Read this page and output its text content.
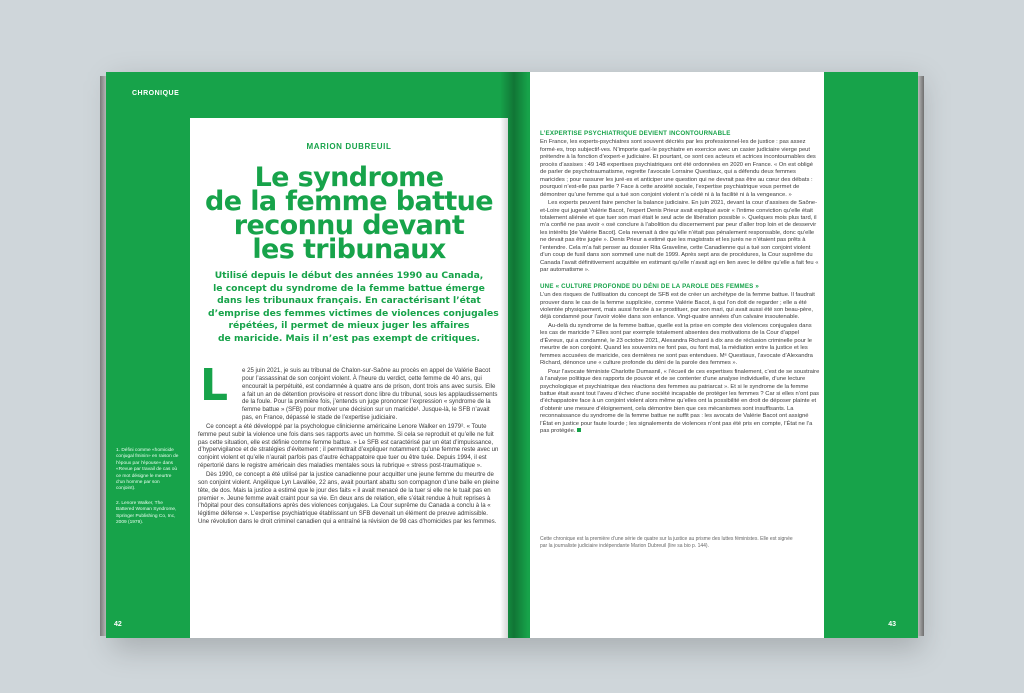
CHRONIQUE

1. Défini comme «homicide conjugal fminin» en raison de l’époux par l’épouse» dans «Revue par travail de cas où ce mot désigne le meurtre d’un homme par son conjoint).

2. Lenore Walker, The Battered Woman Syndrome, Springer Publishing Co, Inc, 2009 (1979).

MARION DUBREUIL
Le syndrome
de la femme battue
reconnu devant
les tribunaux
Utilisé depuis le début des années 1990 au Canada,
le concept du syndrome de la femme battue émerge
dans les tribunaux français. En caractérisant l’état
d’emprise des femmes victimes de violences conjugales
répétées, il permet de mieux juger les affaires
de maricide. Mais il n’est pas exempt de critiques.
L	e 25 juin 2021, je suis au tribunal de Chalon-sur-Saône au procès en appel de Valérie Bacot pour l’assassinat de son conjoint violent. À l’heure du verdict, cette femme de 40 ans, qui encourait la perpétuité, est condamnée à quatre ans de prison, dont trois ans avec sursis. Elle a fait un an de détention provisoire et ressort donc libre du tribunal, sous les applaudissements de la foule. Pour la première fois, j’entends un juge prononcer l’expression « syndrome de la femme battue » (SFB) pour motiver une décision sur un maricide¹. Jusque-là, le SFB n’avait pas, en France, dépassé le stade de l’expertise judiciaire.

Ce concept a été développé par la psychologue clinicienne américaine Lenore Walker en 1979². « Toute femme peut subir la violence une fois dans ses rapports avec un homme. Si cela se reproduit et qu’elle ne fuit pas cette situation, elle est définie comme femme battue. » Le SFB est caractérisé par un état d’impuissance, d’hypervigilance et de stratégies d’évitement ; il permettrait d’expliquer notamment qu’une femme reste avec un conjoint violent et qu’elle n’aurait parfois pas d’autre échappatoire que tuer ou être tuée. Depuis 1994, il est répertorié dans le registre américain des maladies mentales sous la rubrique « stress post-traumatique ».

Dès 1990, ce concept a été utilisé par la justice canadienne pour acquitter une jeune femme du meurtre de son conjoint violent. Angélique Lyn Lavallée, 22 ans, avait pourtant abattu son compagnon d’une balle en pleine tête, de dos. Mais la justice a estimé que le jour des faits « il avait menacé de la tuer si elle ne le tuait pas en premier ». Jeune femme avait craint pour sa vie. En deux ans de relation, elle s’était rendue à huit reprises à l’hôpital pour des consultations après des violences conjugales. La Cour suprême du Canada a conclu à la « légitime défense ». L’expertise psychiatrique établissant un SFB devenait un élément de preuve admissible. Une révolution dans le droit criminel canadien qui a entraîné la révision de 98 cas d’homicides par les femmes.

42
L’EXPERTISE PSYCHIATRIQUE DEVIENT INCONTOURNABLE

En France, les experts-psychiatres sont souvent décriés par les professionnel·les de justice : pas assez formé·es, trop subjectif·ves. N’importe quel·le psychiatre en exercice avec un casier judiciaire vierge peut prétendre à la fonction d’expert·e judiciaire. Et pourtant, ce sont ces acteurs et actrices incontournables des procès d’assises : 49 148 expertises psychiatriques ont été ordonnées en 2020 en France. « On est obligé de parler de psychotraumatisme, regrette l’avocate Lorraine Questiaux, qui a défendu deux femmes maricides ; pour rassurer les juré·es et anticiper une question qui ne devrait pas être au cœur des débats : pourquoi n’est-elle pas partie ? Face à cette anxiété sociale, l’expertise psychiatrique vous permet de démontrer qu’une femme qui a tué son conjoint violent n’a cédé ni à la facilité ni à la vengeance. »

Les experts peuvent faire pencher la balance judiciaire. En juin 2021, devant la cour d’assises de Saône-et-Loire qui jugeait Valérie Bacot, l’expert Denis Prieur avait expliqué avoir « l’intime conviction qu’elle était totalement aliénée et que tuer son mari était le seul acte de libération possible ». Quelques mois plus tard, il m’a confié ne pas avoir « osé conclure à l’abolition du discernement par peur d’aller trop loin et de desservir les intérêts [de Valérie Bacot]. Cela revenait à dire qu’elle n’était pas pénalement responsable, donc qu’elle ne devait pas être jugée ». Denis Prieur a estimé que les magistrats et les jurés ne n’étaient pas prêts à l’entendre. Cela m’a fait penser au dossier Rita Graveline, cette Canadienne qui a tué son conjoint violent d’un coup de fusil dans son sommeil une nuit de 1999. Après sept ans de procédures, la Cour suprême du Canada l’avait définitivement acquittée en estimant qu’elle n’avait agi en lien avec le délire qu’elle a fait feu « par automatisme ».

UNE « CULTURE PROFONDE DU DÉNI DE LA PAROLE DES FEMMES »

L’un des risques de l’utilisation du concept de SFB est de créer un archétype de la femme battue. Il faudrait prouver dans le cas de la femme suppliciée, comme Valérie Bacot, à qui l’on doit de regarder ; elle a été violentée physiquement, mais aussi forcée à se prostituer, par son mari, qui avait aussi été son beau-père, déjà condamné pour l’avoir violée dans son enfance. Vingt-quatre années d’un calvaire insoutenable.

Au-delà du syndrome de la femme battue, quelle est la prise en compte des violences conjugales dans les cas de maricide ? Elles sont par exemple totalement absentes des motivations de la Cour d’appel d’Évreux, qui a condamné, le 23 octobre 2021, Alexandra Richard à dix ans de réclusion criminelle pour le meurtre de son conjoint. Quand les souvenirs ne font pas, ou font mal, la médiation entre la justice et les femmes accusées de maricide, ces dernières ne sont pas entendues. Mᵉ Questiaux, l’avocate d’Alexandra Richard, dénonce une « culture profonde du déni de la parole des femmes ».

Pour l’avocate féministe Charlotte Dumasnil, « l’écueil de ces expertises finalement, c’est de se soustraire à l’analyse politique des rapports de pouvoir et de se contenter d’une analyse individuelle, d’une lecture psychologique et psychiatrique des réactions des femmes au patriarcat ». Et si le syndrome de la femme battue était avant tout l’aveu d’échec d’une société incapable de protéger les femmes ? Car si elles n’ont pas d’échappatoire face à un conjoint violent alors même qu’elles ont la possibilité en droit de déposer plainte et d’obtenir une mesure d’éloignement, cela démontre bien que ces mécanismes sont insuffisants. La reconnaissance du syndrome de la femme battue ne suffit pas : les avocats de Valérie Bacot ont assigné l’État en justice pour faute lourde ; les signalements de violences n’ont pas été pris en compte, l’État ne l’a pas protégée.

Cette chronique est la première d’une série de quatre sur la justice au prisme des luttes féministes. Elle est signée par la journaliste judiciaire indépendante Marion Dubreuil (lire sa bio p. 144).
43
